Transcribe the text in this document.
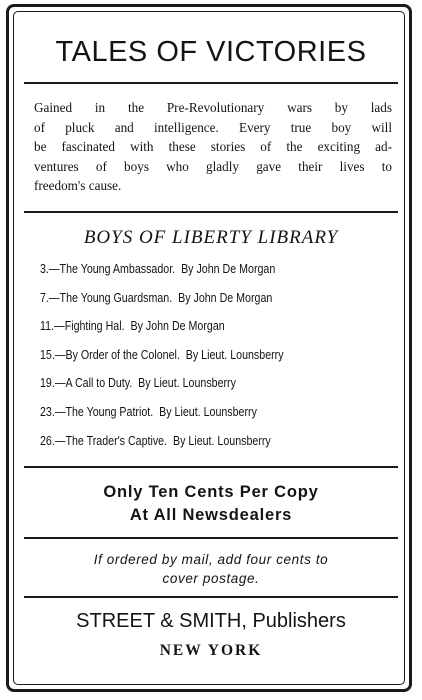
TALES OF VICTORIES

Gained in the Pre-Revolutionary wars by lads
of pluck and intelligence. Every true boy will
be fascinated with these stories of the exciting ad-
ventures of boys who gladly gave their lives to
freedom's cause.

BOYS OF LIBERTY LIBRARY
3.—The Young Ambassador. By John De Morgan
7.—The Young Guardsman. By John De Morgan
11.—Fighting Hal. By John De Morgan
15.—By Order of the Colonel. By Lieut. Lounsberry
19.—A Call to Duty. By Lieut. Lounsberry
23.—The Young Patriot. By Lieut. Lounsberry
26.—The Trader's Captive. By Lieut. Lounsberry
Only Ten Cents Per Copy
At All Newsdealers
If ordered by mail, add four cents to
cover postage.
STREET & SMITH, Publishers
NEW YORK
